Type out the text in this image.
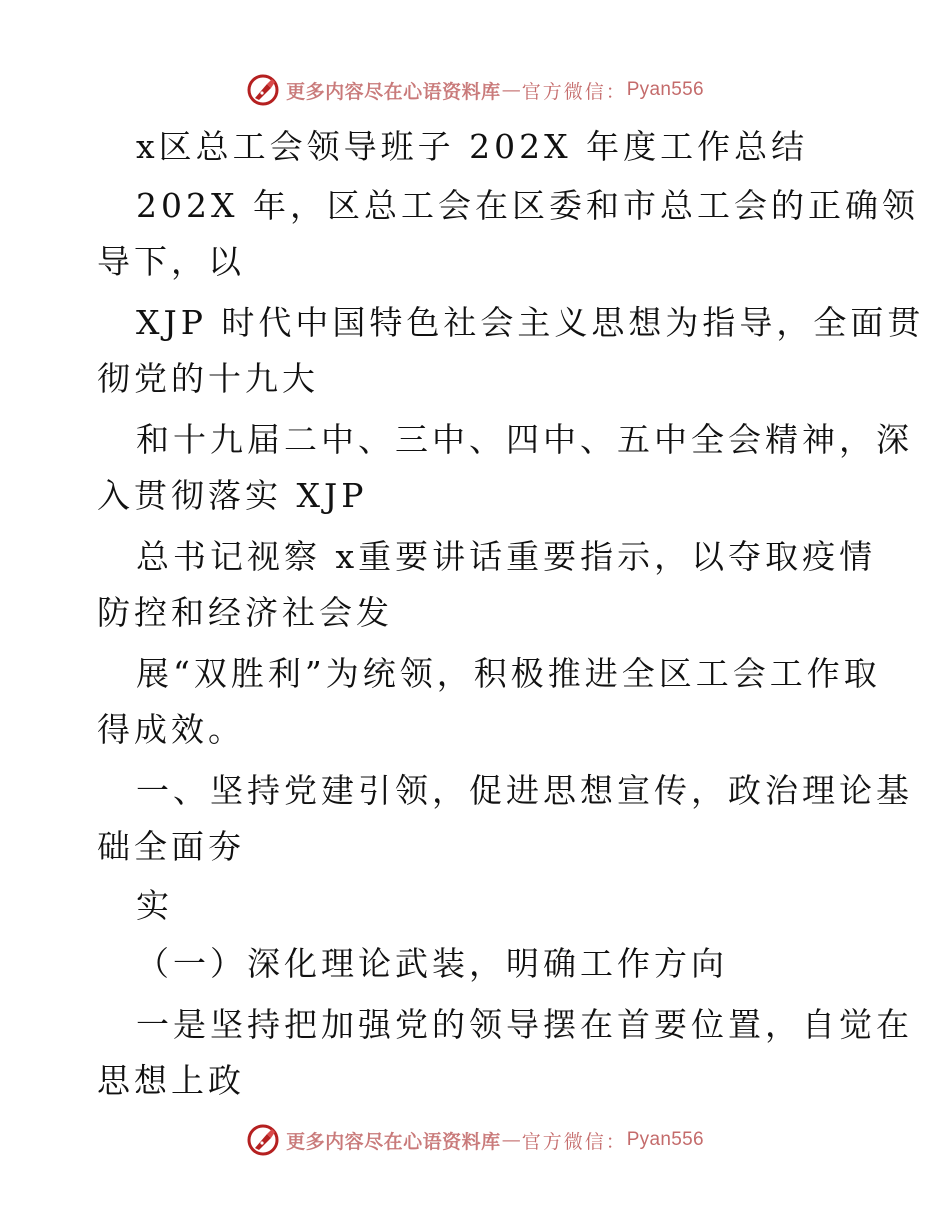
更多内容尽在心语资料库 — 官方微信： Pyan556
x区总工会领导班子 202X 年度工作总结
202X 年，区总工会在区委和市总工会的正确领
导下，以
XJP 时代中国特色社会主义思想为指导，全面贯
彻党的十九大
和十九届二中、三中、四中、五中全会精神，深
入贯彻落实 XJP
总书记视察 x重要讲话重要指示，以夺取疫情
防控和经济社会发
展“双胜利”为统领，积极推进全区工会工作取
得成效。
一、坚持党建引领，促进思想宣传，政治理论基
础全面夯
实
（一）深化理论武装，明确工作方向
一是坚持把加强党的领导摆在首要位置，自觉在
思想上政
更多内容尽在心语资料库 — 官方微信： Pyan556
